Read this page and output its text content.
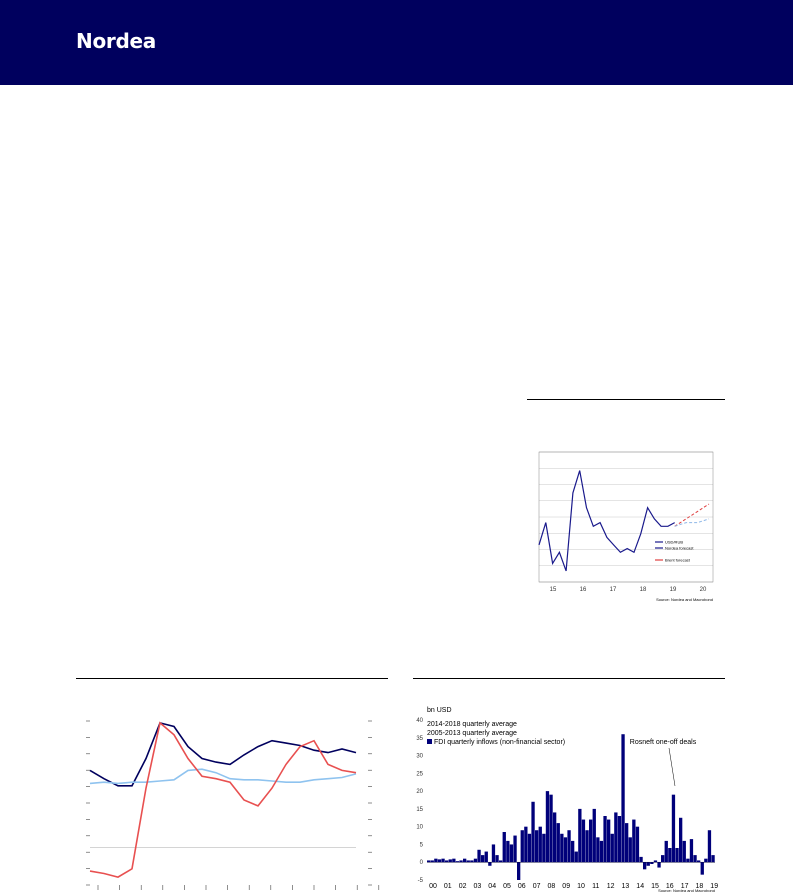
Nordea
15	16	17	18	19	20
USD/RUB
Nordea forecast
Brent forecast
Source: Nordea and Macrobond
bn USD
40
35
30
25
20
15
10
5
0
-5
00 01 02 03 04 05 06 07 08 09 10 11 12 13 14 15 16 17 18 19
2014-2018 quarterly average
2005-2013 quarterly average
FDI quarterly inflows (non-financial sector)	Rosneft one-off deals
Source: Nordea and Macrobond
